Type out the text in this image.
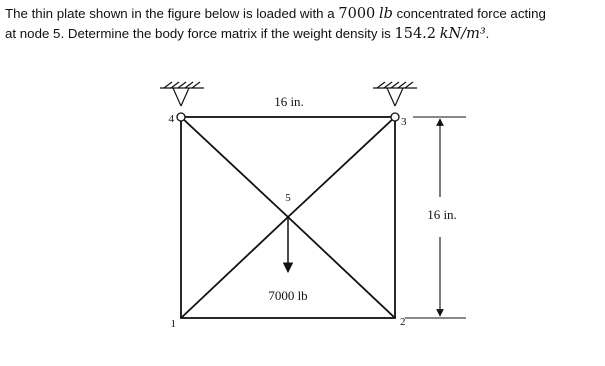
The thin plate shown in the figure below is loaded with a 7000 lb concentrated force acting
at node 5. Determine the body force matrix if the weight density is 154.2 kN/m³.

16 in.
16 in.
7000 lb
1	2
3
4
5
